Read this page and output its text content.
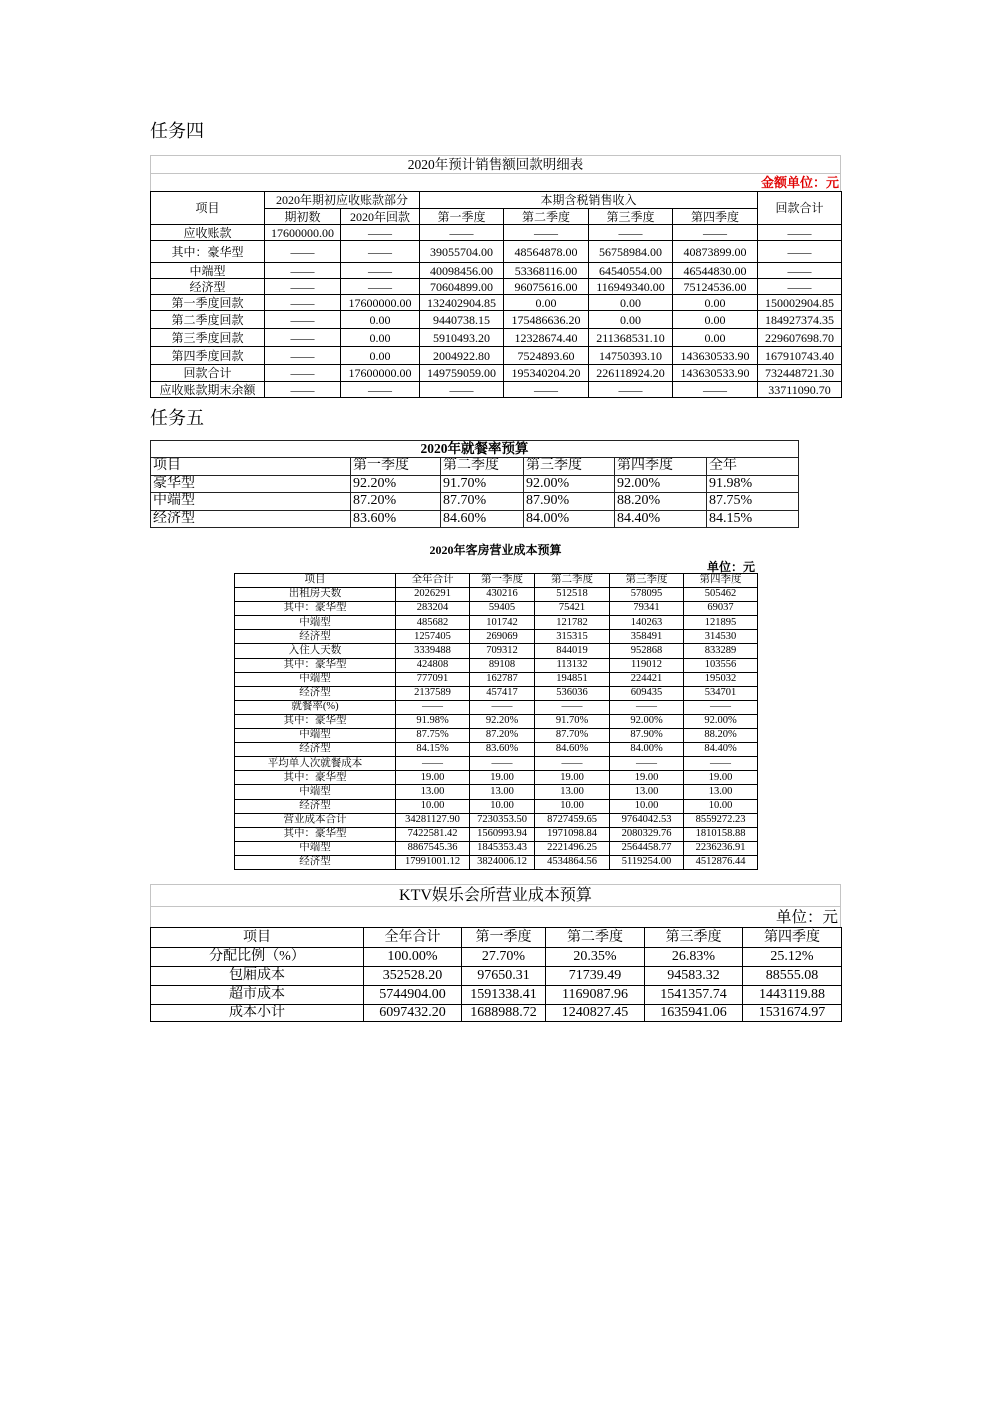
任务四
2020年预计销售额回款明细表
金额单位：元
项目	2020年期初应收账款部分		本期含税销售收入				回款合计
	期初数	2020年回款	第一季度	第二季度	第三季度	第四季度	
应收账款	17600000.00	——	——	——	——	——	——
其中：豪华型	——	——	39055704.00	48564878.00	56758984.00	40873899.00	——
中端型	——	——	40098456.00	53368116.00	64540554.00	46544830.00	——
经济型	——	——	70604899.00	96075616.00	116949340.00	75124536.00	——
第一季度回款	——	17600000.00	132402904.85	0.00	0.00	0.00	150002904.85
第二季度回款	——	0.00	9440738.15	175486636.20	0.00	0.00	184927374.35
第三季度回款	——	0.00	5910493.20	12328674.40	211368531.10	0.00	229607698.70
第四季度回款	——	0.00	2004922.80	7524893.60	14750393.10	143630533.90	167910743.40
回款合计	——	17600000.00	149759059.00	195340204.20	226118924.20	143630533.90	732448721.30
应收账款期末余额	——	——	——	——	——	——	33711090.70
任务五
2020年就餐率预算					
项目	第一季度	第二季度	第三季度	第四季度	全年
豪华型	92.20%	91.70%	92.00%	92.00%	91.98%
中端型	87.20%	87.70%	87.90%	88.20%	87.75%
经济型	83.60%	84.60%	84.00%	84.40%	84.15%
2020年客房营业成本预算
单位：元
项目	全年合计	第一季度	第二季度	第三季度	第四季度
出租房天数	2026291	430216	512518	578095	505462
其中：豪华型	283204	59405	75421	79341	69037
中端型	485682	101742	121782	140263	121895
经济型	1257405	269069	315315	358491	314530
入住人天数	3339488	709312	844019	952868	833289
其中：豪华型	424808	89108	113132	119012	103556
中端型	777091	162787	194851	224421	195032
经济型	2137589	457417	536036	609435	534701
就餐率(%)	——	——	——	——	——
其中：豪华型	91.98%	92.20%	91.70%	92.00%	92.00%
中端型	87.75%	87.20%	87.70%	87.90%	88.20%
经济型	84.15%	83.60%	84.60%	84.00%	84.40%
平均单人次就餐成本	——	——	——	——	——
其中：豪华型	19.00	19.00	19.00	19.00	19.00
中端型	13.00	13.00	13.00	13.00	13.00
经济型	10.00	10.00	10.00	10.00	10.00
营业成本合计	34281127.90	7230353.50	8727459.65	9764042.53	8559272.23
其中：豪华型	7422581.42	1560993.94	1971098.84	2080329.76	1810158.88
中端型	8867545.36	1845353.43	2221496.25	2564458.77	2236236.91
经济型	17991001.12	3824006.12	4534864.56	5119254.00	4512876.44
KTV娱乐会所营业成本预算
单位：元
项目	全年合计	第一季度	第二季度	第三季度	第四季度
分配比例（%）	100.00%	27.70%	20.35%	26.83%	25.12%
包厢成本	352528.20	97650.31	71739.49	94583.32	88555.08
超市成本	5744904.00	1591338.41	1169087.96	1541357.74	1443119.88
成本小计	6097432.20	1688988.72	1240827.45	1635941.06	1531674.97
